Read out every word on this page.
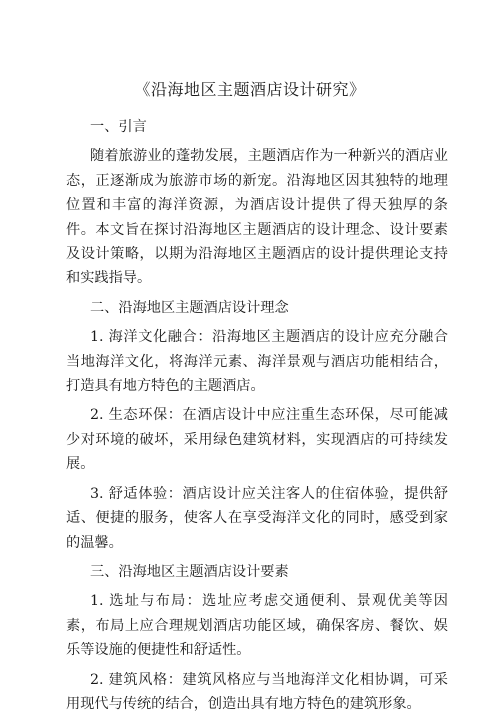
《沿海地区主题酒店设计研究》
一、引言

随着旅游业的蓬勃发展，主题酒店作为一种新兴的酒店业态，正逐渐成为旅游市场的新宠。沿海地区因其独特的地理位置和丰富的海洋资源，为酒店设计提供了得天独厚的条件。本文旨在探讨沿海地区主题酒店的设计理念、设计要素及设计策略，以期为沿海地区主题酒店的设计提供理论支持和实践指导。

二、沿海地区主题酒店设计理念

1. 海洋文化融合：沿海地区主题酒店的设计应充分融合当地海洋文化，将海洋元素、海洋景观与酒店功能相结合，打造具有地方特色的主题酒店。

2. 生态环保：在酒店设计中应注重生态环保，尽可能减少对环境的破坏，采用绿色建筑材料，实现酒店的可持续发展。

3. 舒适体验：酒店设计应关注客人的住宿体验，提供舒适、便捷的服务，使客人在享受海洋文化的同时，感受到家的温馨。

三、沿海地区主题酒店设计要素

1. 选址与布局：选址应考虑交通便利、景观优美等因素，布局上应合理规划酒店功能区域，确保客房、餐饮、娱乐等设施的便捷性和舒适性。

2. 建筑风格：建筑风格应与当地海洋文化相协调，可采用现代与传统的结合，创造出具有地方特色的建筑形象。
